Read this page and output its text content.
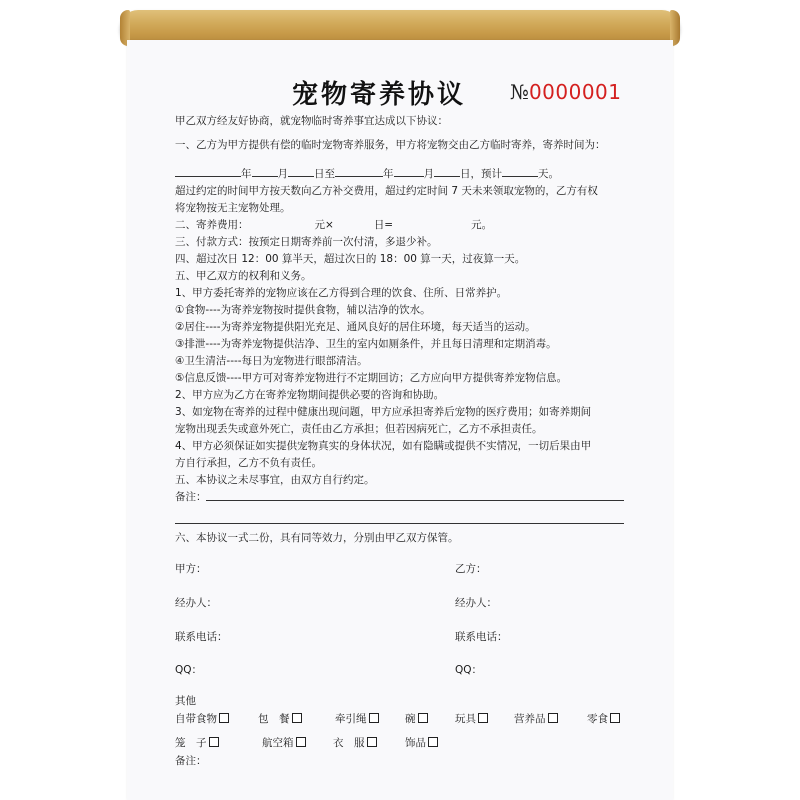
宠物寄养协议 №0000001
甲乙双方经友好协商，就宠物临时寄养事宜达成以下协议：
一、乙方为甲方提供有偿的临时宠物寄养服务，甲方将宠物交由乙方临时寄养，寄养时间为：
年 月 日至	年	月 日，预计	天。
超过约定的时间甲方按天数向乙方补交费用，超过约定时间 7 天未来领取宠物的，乙方有权
将宠物按无主宠物处理。
二、寄养费用：	元×	日=	元。
三、付款方式：按预定日期寄养前一次付清，多退少补。
四、超过次日 12：00 算半天，超过次日的 18：00 算一天，过夜算一天。
五、甲乙双方的权利和义务。
1、甲方委托寄养的宠物应该在乙方得到合理的饮食、住所、日常养护。
①食物----为寄养宠物按时提供食物，辅以洁净的饮水。
②居住----为寄养宠物提供阳光充足、通风良好的居住环境，每天适当的运动。
③排泄----为寄养宠物提供洁净、卫生的室内如厕条件，并且每日清理和定期消毒。
④卫生清洁----每日为宠物进行眼部清洁。
⑤信息反馈----甲方可对寄养宠物进行不定期回访；乙方应向甲方提供寄养宠物信息。
2、甲方应为乙方在寄养宠物期间提供必要的咨询和协助。
3、如宠物在寄养的过程中健康出现问题，甲方应承担寄养后宠物的医疗费用；如寄养期间
宠物出现丢失或意外死亡，责任由乙方承担；但若因病死亡，乙方不承担责任。
4、甲方必须保证如实提供宠物真实的身体状况，如有隐瞒或提供不实情况，一切后果由甲
方自行承担，乙方不负有责任。
五、本协议之未尽事宜，由双方自行约定。
备注：
六、本协议一式二份，具有同等效力，分别由甲乙双方保管。
甲方：	乙方：
经办人：	经办人：
联系电话：	联系电话：
QQ：	QQ：
其他
自带食物	包　餐	牵引绳	碗	玩具	营养品	零食
笼　子	航空箱	衣　服	饰品
备注：
